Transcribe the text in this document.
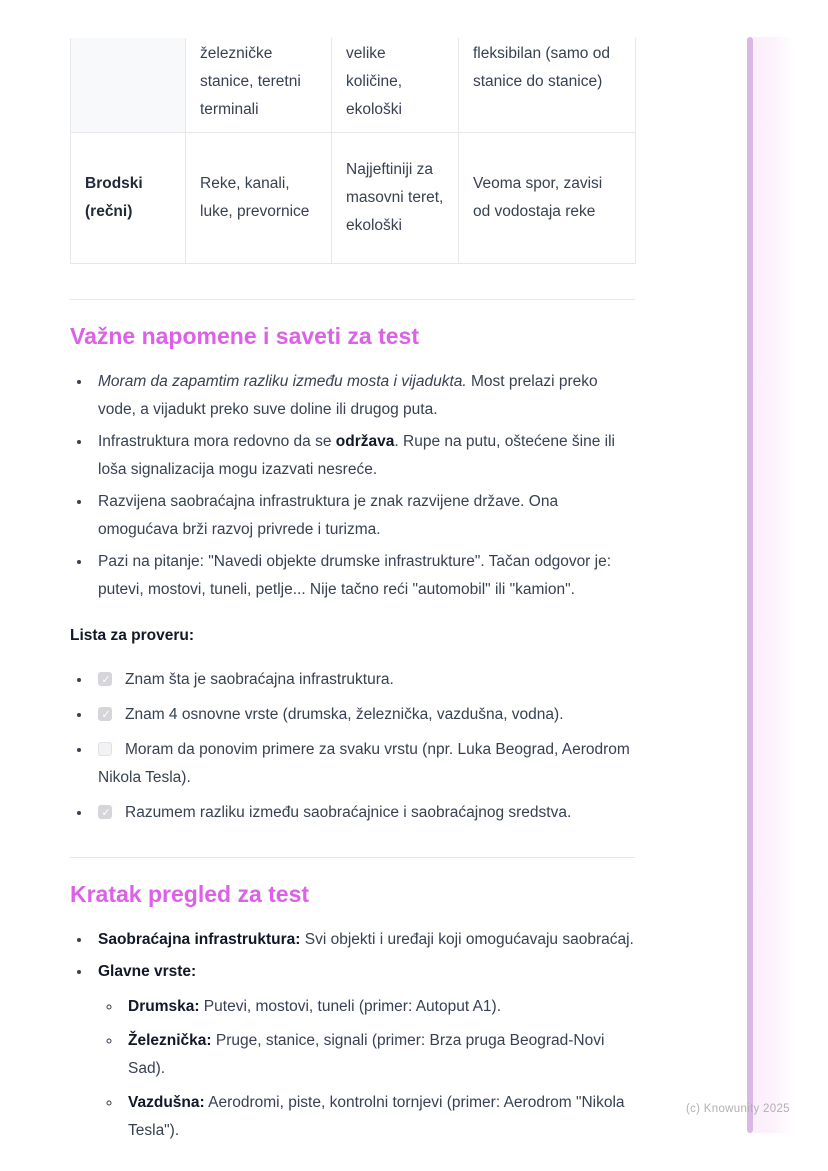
	železničke stanice, teretni terminali	velike količine, ekološki	fleksibilan (samo od stanice do stanice)
Brodski (rečni)	Reke, kanali, luke, prevornice	Najjeftiniji za masovni teret, ekološki	Veoma spor, zavisi od vodostaja reke
Važne napomene i saveti za test
• Moram da zapamtim razliku između mosta i vijadukta. Most prelazi preko vode, a vijadukt preko suve doline ili drugog puta.
• Infrastruktura mora redovno da se održava. Rupe na putu, oštećene šine ili loša signalizacija mogu izazvati nesreće.
• Razvijena saobraćajna infrastruktura je znak razvijene države. Ona omogućava brži razvoj privrede i turizma.
• Pazi na pitanje: "Navedi objekte drumske infrastrukture". Tačan odgovor je: putevi, mostovi, tuneli, petlje... Nije tačno reći "automobil" ili "kamion".

Lista za proveru:

• ✓ Znam šta je saobraćajna infrastruktura.
• ✓ Znam 4 osnovne vrste (drumska, železnička, vazdušna, vodna).
• Moram da ponovim primere za svaku vrstu (npr. Luka Beograd, Aerodrom Nikola Tesla).
• ✓ Razumem razliku između saobraćajnice i saobraćajnog sredstva.
Kratak pregled za test
• Saobraćajna infrastruktura: Svi objekti i uređaji koji omogućavaju saobraćaj.
• Glavne vrste:
◦ Drumska: Putevi, mostovi, tuneli (primer: Autoput A1).
◦ Železnička: Pruge, stanice, signali (primer: Brza pruga Beograd-Novi Sad).
◦ Vazdušna: Aerodromi, piste, kontrolni tornjevi (primer: Aerodrom "Nikola Tesla").
(c) Knowunity 2025
